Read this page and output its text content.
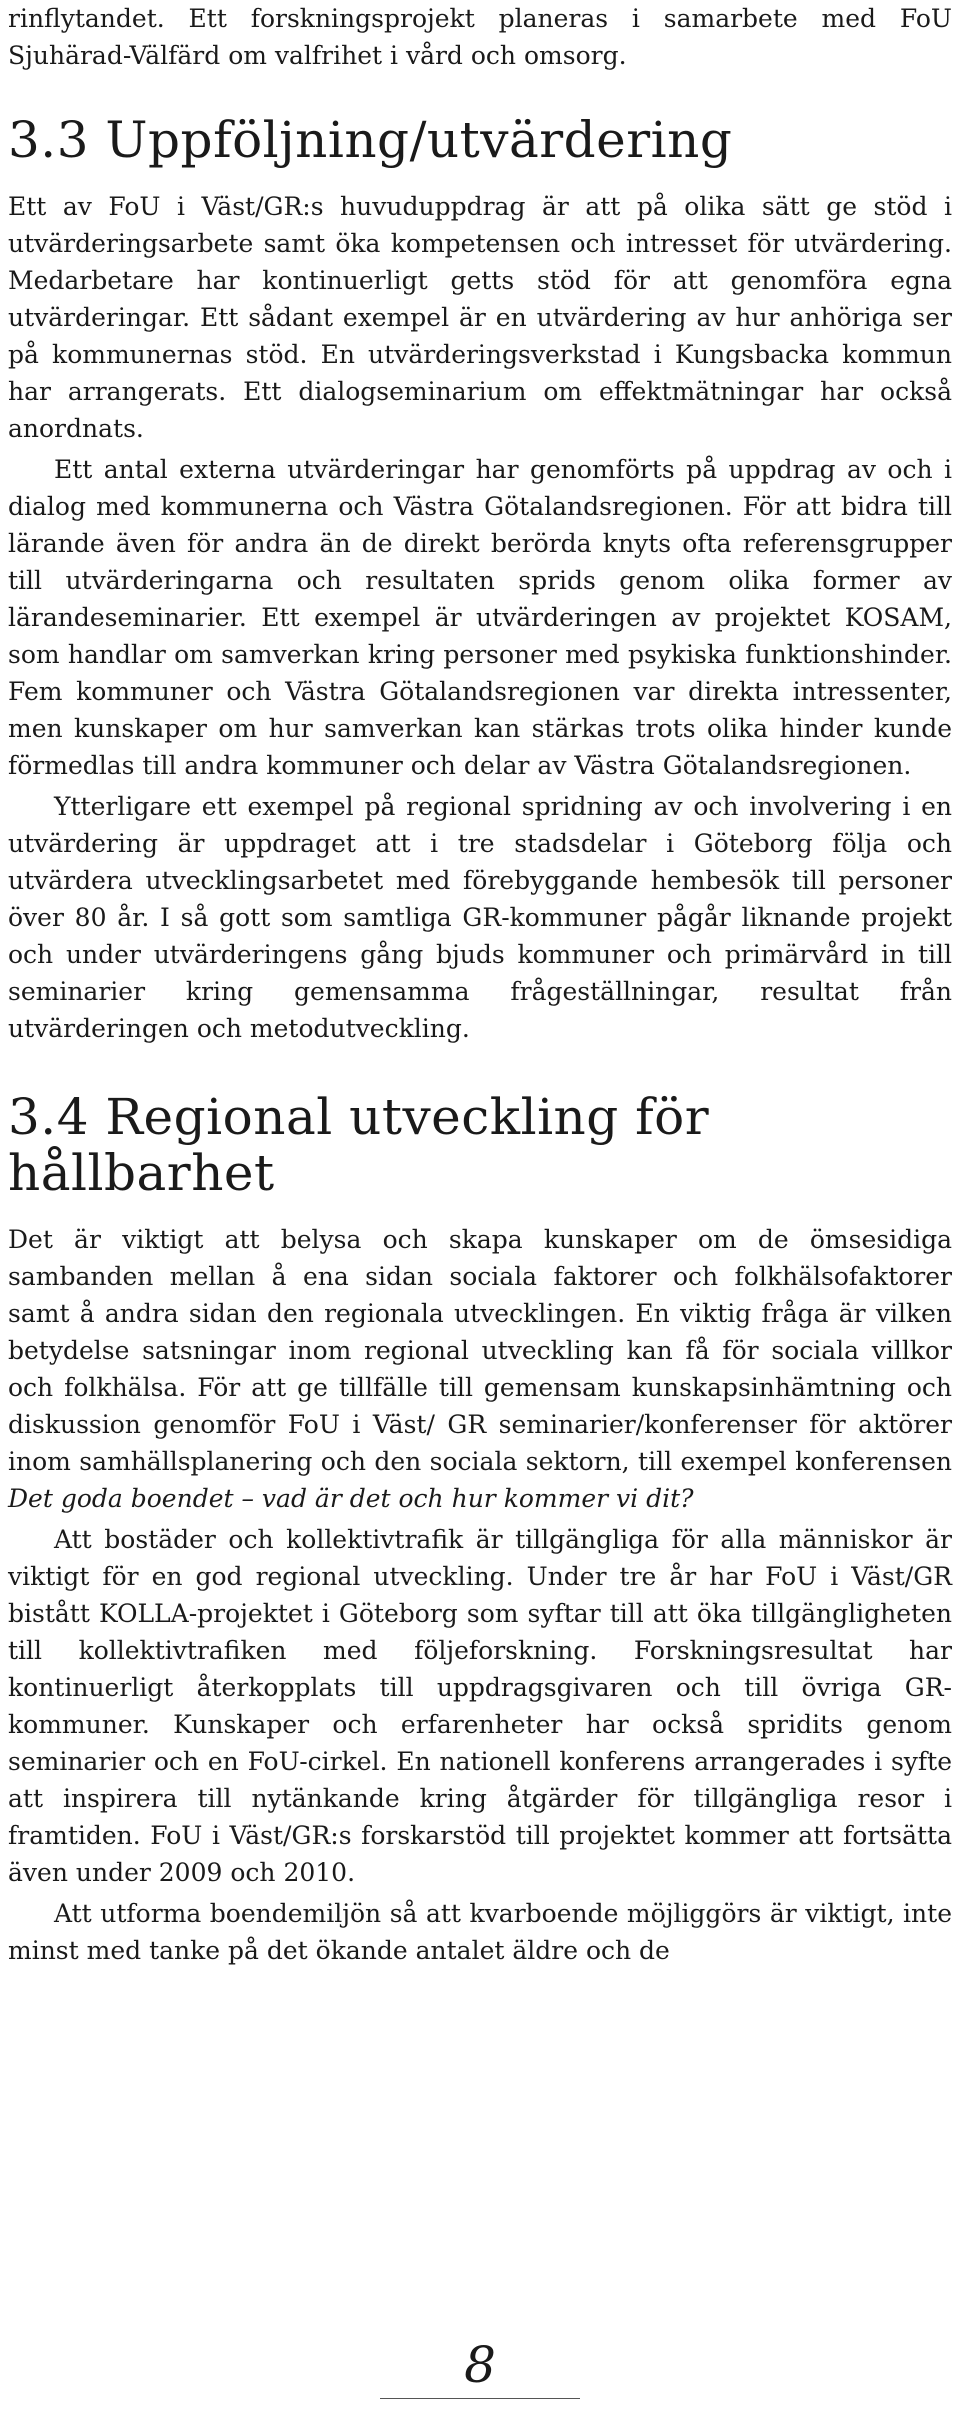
rinflytandet. Ett forskningsprojekt planeras i samarbete med FoU Sjuhärad-Välfärd om valfrihet i vård och omsorg.

3.3 Uppföljning/utvärdering

Ett av FoU i Väst/GR:s huvuduppdrag är att på olika sätt ge stöd i utvärderingsarbete samt öka kompetensen och intresset för utvärdering. Medarbetare har kontinuerligt getts stöd för att genomföra egna utvärderingar. Ett sådant exempel är en utvärdering av hur anhöriga ser på kommunernas stöd. En utvärderingsverkstad i Kungsbacka kommun har arrangerats. Ett dialogseminarium om effektmätningar har också anordnats.

Ett antal externa utvärderingar har genomförts på uppdrag av och i dialog med kommunerna och Västra Götalandsregionen. För att bidra till lärande även för andra än de direkt berörda knyts ofta referensgrupper till utvärderingarna och resultaten sprids genom olika former av lärandeseminarier. Ett exempel är utvärderingen av projektet KOSAM, som handlar om samverkan kring personer med psykiska funktionshinder. Fem kommuner och Västra Götalandsregionen var direkta intressenter, men kunskaper om hur samverkan kan stärkas trots olika hinder kunde förmedlas till andra kommuner och delar av Västra Götalandsregionen.

Ytterligare ett exempel på regional spridning av och involvering i en utvärdering är uppdraget att i tre stadsdelar i Göteborg följa och utvärdera utvecklingsarbetet med förebyggande hembesök till personer över 80 år. I så gott som samtliga GR-kommuner pågår liknande projekt och under utvärderingens gång bjuds kommuner och primärvård in till seminarier kring gemensamma frågeställningar, resultat från utvärderingen och metodutveckling.

3.4 Regional utveckling för hållbarhet

Det är viktigt att belysa och skapa kunskaper om de ömsesidiga sambanden mellan å ena sidan sociala faktorer och folkhälsofaktorer samt å andra sidan den regionala utvecklingen. En viktig fråga är vilken betydelse satsningar inom regional utveckling kan få för sociala villkor och folkhälsa. För att ge tillfälle till gemensam kunskapsinhämtning och diskussion genomför FoU i Väst/ GR seminarier/konferenser för aktörer inom samhällsplanering och den sociala sektorn, till exempel konferensen Det goda boendet – vad är det och hur kommer vi dit?

Att bostäder och kollektivtrafik är tillgängliga för alla människor är viktigt för en god regional utveckling. Under tre år har FoU i Väst/GR bistått KOLLA-projektet i Göteborg som syftar till att öka tillgängligheten till kollektivtrafiken med följeforskning. Forskningsresultat har kontinuerligt återkopplats till uppdragsgivaren och till övriga GR-kommuner. Kunskaper och erfarenheter har också spridits genom seminarier och en FoU-cirkel. En nationell konferens arrangerades i syfte att inspirera till nytänkande kring åtgärder för tillgängliga resor i framtiden. FoU i Väst/GR:s forskarstöd till projektet kommer att fortsätta även under 2009 och 2010.

Att utforma boendemiljön så att kvarboende möjliggörs är viktigt, inte minst med tanke på det ökande antalet äldre och de

8
